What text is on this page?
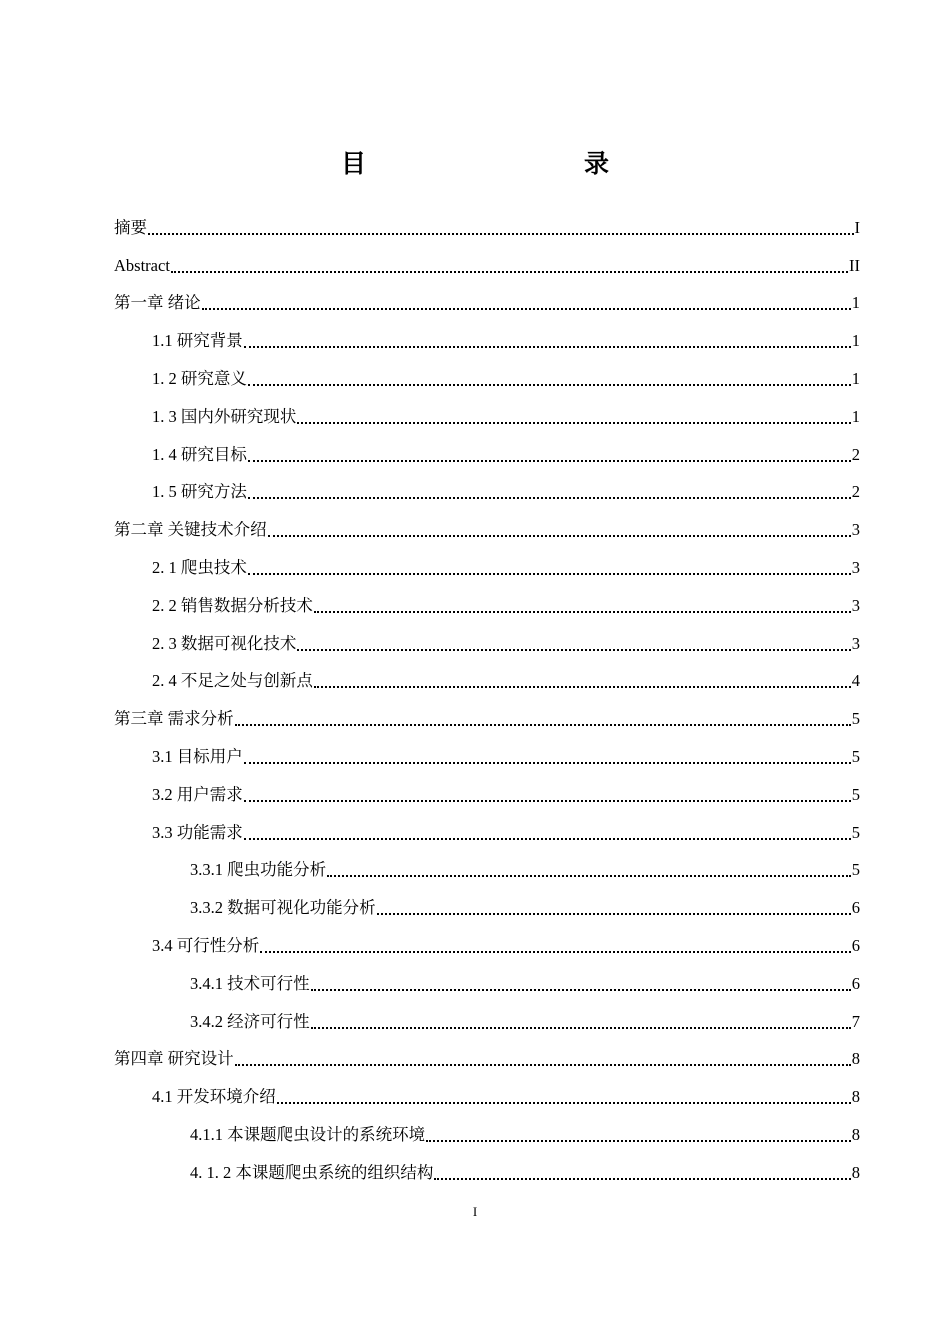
目　　录
摘要	I
Abstract	II
第一章 绪论	1
1.1 研究背景	1
1. 2 研究意义	1
1. 3 国内外研究现状	1
1. 4 研究目标	2
1. 5 研究方法	2
第二章 关键技术介绍	3
2. 1 爬虫技术	3
2. 2 销售数据分析技术	3
2. 3 数据可视化技术	3
2. 4 不足之处与创新点	4
第三章 需求分析	5
3.1 目标用户	5
3.2 用户需求	5
3.3 功能需求	5
3.3.1 爬虫功能分析	5
3.3.2 数据可视化功能分析	6
3.4 可行性分析	6
3.4.1 技术可行性	6
3.4.2 经济可行性	7
第四章 研究设计	8
4.1 开发环境介绍	8
4.1.1 本课题爬虫设计的系统环境	8
4. 1. 2 本课题爬虫系统的组织结构	8
I
